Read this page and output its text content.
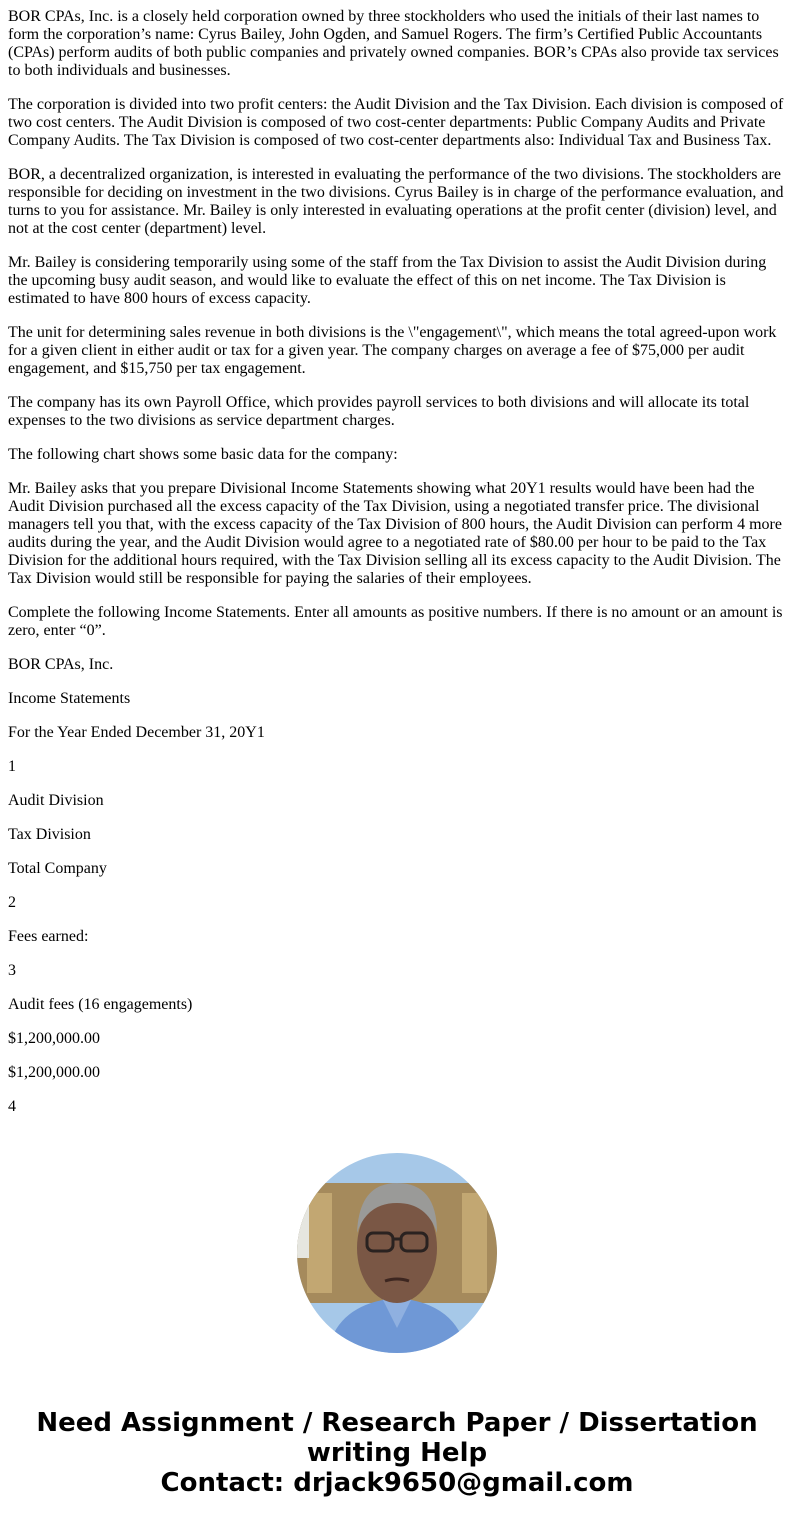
BOR CPAs, Inc. is a closely held corporation owned by three stockholders who used the initials of their last names to form the corporation’s name: Cyrus Bailey, John Ogden, and Samuel Rogers. The firm’s Certified Public Accountants (CPAs) perform audits of both public companies and privately owned companies. BOR’s CPAs also provide tax services to both individuals and businesses.

The corporation is divided into two profit centers: the Audit Division and the Tax Division. Each division is composed of two cost centers. The Audit Division is composed of two cost-center departments: Public Company Audits and Private Company Audits. The Tax Division is composed of two cost-center departments also: Individual Tax and Business Tax.

BOR, a decentralized organization, is interested in evaluating the performance of the two divisions. The stockholders are responsible for deciding on investment in the two divisions. Cyrus Bailey is in charge of the performance evaluation, and turns to you for assistance. Mr. Bailey is only interested in evaluating operations at the profit center (division) level, and not at the cost center (department) level.

Mr. Bailey is considering temporarily using some of the staff from the Tax Division to assist the Audit Division during the upcoming busy audit season, and would like to evaluate the effect of this on net income. The Tax Division is estimated to have 800 hours of excess capacity.

The unit for determining sales revenue in both divisions is the \"engagement\", which means the total agreed-upon work for a given client in either audit or tax for a given year. The company charges on average a fee of $75,000 per audit engagement, and $15,750 per tax engagement.

The company has its own Payroll Office, which provides payroll services to both divisions and will allocate its total expenses to the two divisions as service department charges.

The following chart shows some basic data for the company:

Mr. Bailey asks that you prepare Divisional Income Statements showing what 20Y1 results would have been had the Audit Division purchased all the excess capacity of the Tax Division, using a negotiated transfer price. The divisional managers tell you that, with the excess capacity of the Tax Division of 800 hours, the Audit Division can perform 4 more audits during the year, and the Audit Division would agree to a negotiated rate of $80.00 per hour to be paid to the Tax Division for the additional hours required, with the Tax Division selling all its excess capacity to the Audit Division. The Tax Division would still be responsible for paying the salaries of their employees.

Complete the following Income Statements. Enter all amounts as positive numbers. If there is no amount or an amount is zero, enter “0”.

BOR CPAs, Inc.

Income Statements

For the Year Ended December 31, 20Y1

1

Audit Division

Tax Division

Total Company

2

Fees earned:

3

Audit fees (16 engagements)

$1,200,000.00

$1,200,000.00

4

Need Assignment / Research Paper / Dissertation writing Help
Contact: drjack9650@gmail.com
